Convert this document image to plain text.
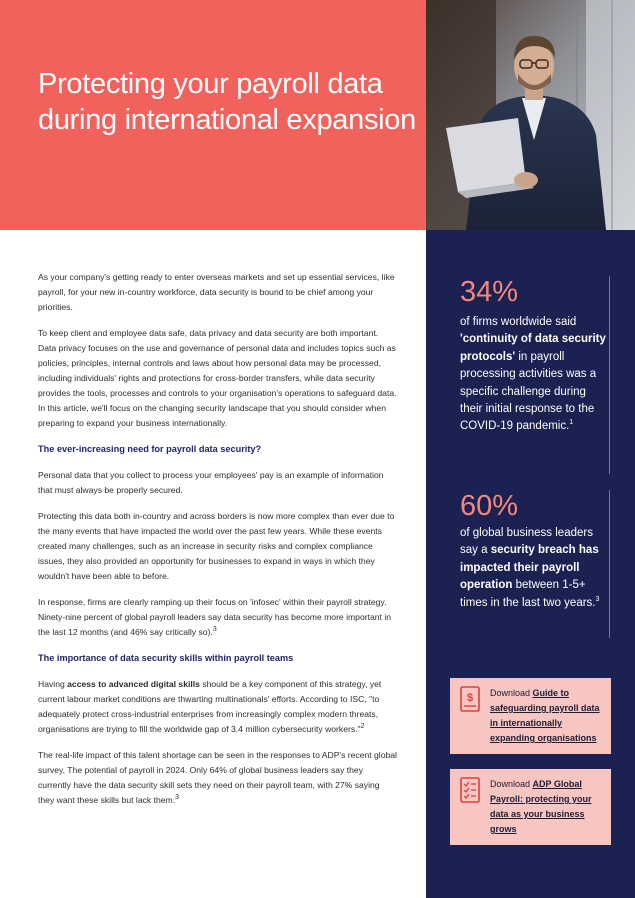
Protecting your payroll data during international expansion
34%

of firms worldwide said 'continuity of data security protocols' in payroll processing activities was a specific challenge during their initial response to the COVID-19 pandemic.$^1$

60%

of global business leaders say a security breach has impacted their payroll operation between 1-5+ times in the last two years.$^3$

$ Download Guide to safeguarding payroll data in internationally expanding organisations

Download ADP Global Payroll: protecting your data as your business grows

As your company's getting ready to enter overseas markets and set up essential services, like payroll, for your new in-country workforce, data security is bound to be chief among your priorities.

To keep client and employee data safe, data privacy and data security are both important. Data privacy focuses on the use and governance of personal data and includes topics such as policies, principles, internal controls and laws about how personal data may be processed, including individuals' rights and protections for cross-border transfers, while data security provides the tools, processes and controls to your organisation's operations to safeguard data. In this article, we'll focus on the changing security landscape that you should consider when preparing to expand your business internationally.

The ever-increasing need for payroll data security?

Personal data that you collect to process your employees' pay is an example of information that must always be properly secured.

Protecting this data both in-country and across borders is now more complex than ever due to the many events that have impacted the world over the past few years. While these events created many challenges, such as an increase in security risks and complex compliance issues, they also provided an opportunity for businesses to expand in ways in which they wouldn't have been able to before.

In response, firms are clearly ramping up their focus on 'infosec' within their payroll strategy. Ninety-nine percent of global payroll leaders say data security has become more important in the last 12 months (and 46% say critically so).$^3$

The importance of data security skills within payroll teams

Having access to advanced digital skills should be a key component of this strategy, yet current labour market conditions are thwarting multinationals' efforts. According to ISC, "to adequately protect cross-industrial enterprises from increasingly complex modern threats, organisations are trying to fill the worldwide gap of 3.4 million cybersecurity workers."$^2$

The real-life impact of this talent shortage can be seen in the responses to ADP's recent global survey, The potential of payroll in 2024. Only 64% of global business leaders say they currently have the data security skill sets they need on their payroll team, with 27% saying they want these skills but lack them.$^3$
